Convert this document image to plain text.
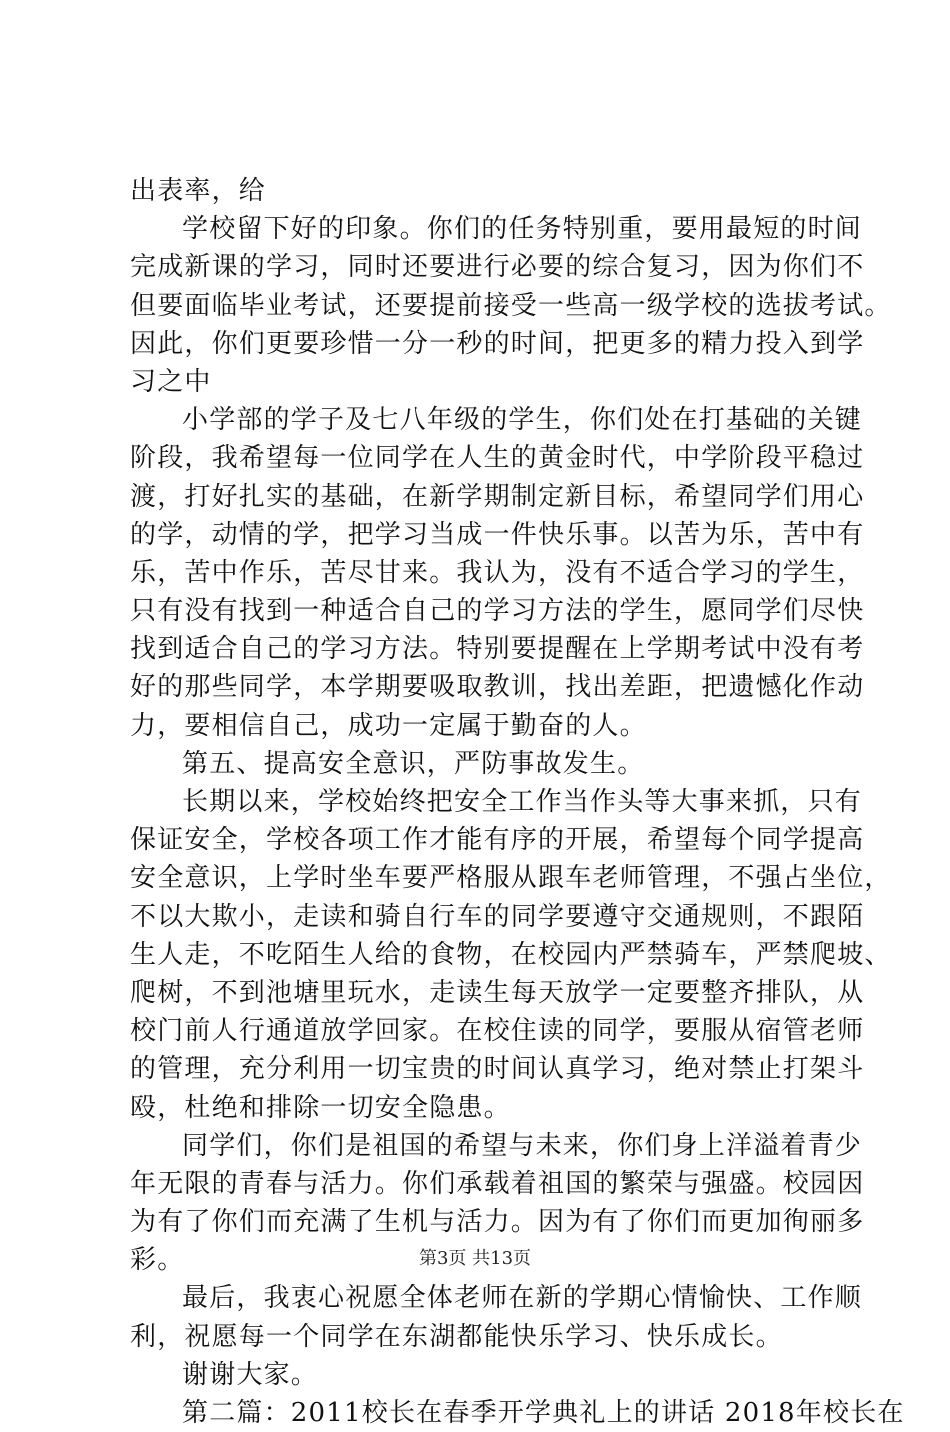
出表率，给
学校留下好的印象。你们的任务特别重，要用最短的时间
完成新课的学习，同时还要进行必要的综合复习，因为你们不
但要面临毕业考试，还要提前接受一些高一级学校的选拔考试。
因此，你们更要珍惜一分一秒的时间，把更多的精力投入到学
习之中
小学部的学子及七八年级的学生，你们处在打基础的关键
阶段，我希望每一位同学在人生的黄金时代，中学阶段平稳过
渡，打好扎实的基础，在新学期制定新目标，希望同学们用心
的学，动情的学，把学习当成一件快乐事。以苦为乐，苦中有
乐，苦中作乐，苦尽甘来。我认为，没有不适合学习的学生，
只有没有找到一种适合自己的学习方法的学生，愿同学们尽快
找到适合自己的学习方法。特别要提醒在上学期考试中没有考
好的那些同学，本学期要吸取教训，找出差距，把遗憾化作动
力，要相信自己，成功一定属于勤奋的人。
第五、提高安全意识，严防事故发生。
长期以来，学校始终把安全工作当作头等大事来抓，只有
保证安全，学校各项工作才能有序的开展，希望每个同学提高
安全意识，上学时坐车要严格服从跟车老师管理，不强占坐位，
不以大欺小，走读和骑自行车的同学要遵守交通规则，不跟陌
生人走，不吃陌生人给的食物，在校园内严禁骑车，严禁爬坡、
爬树，不到池塘里玩水，走读生每天放学一定要整齐排队，从
校门前人行通道放学回家。在校住读的同学，要服从宿管老师
的管理，充分利用一切宝贵的时间认真学习，绝对禁止打架斗
殴，杜绝和排除一切安全隐患。
同学们，你们是祖国的希望与未来，你们身上洋溢着青少
年无限的青春与活力。你们承载着祖国的繁荣与强盛。校园因
为有了你们而充满了生机与活力。因为有了你们而更加徇丽多
彩。
最后，我衷心祝愿全体老师在新的学期心情愉快、工作顺
利，祝愿每一个同学在东湖都能快乐学习、快乐成长。
谢谢大家。
第二篇：2011校长在春季开学典礼上的讲话 2018年校长在
第3页 共13页
